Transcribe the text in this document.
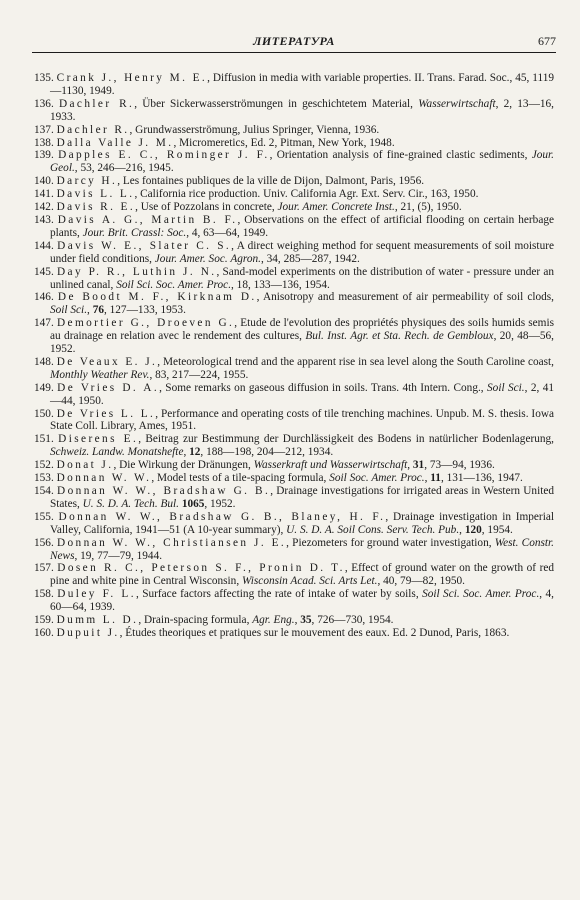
ЛИТЕРАТУРА	677

135. Crank J., Henry M. E., Diffusion in media with variable properties. II. Trans. Farad. Soc., 45, 1119—1130, 1949.

136. Dachler R., Über Sickerwasserströmungen in geschichtetem Material, Wasserwirtschaft, 2, 13—16, 1933.

137. Dachler R., Grundwasserströmung, Julius Springer, Vienna, 1936.

138. Dalla Valle J. M., Micromeretics, Ed. 2, Pitman, New York, 1948.

139. Dapples E. C., Rominger J. F., Orientation analysis of fine-grained clastic sediments, Jour. Geol., 53, 246—216, 1945.

140. Darcy H., Les fontaines publiques de la ville de Dijon, Dalmont, Paris, 1956.

141. Davis L. L., California rice production. Univ. California Agr. Ext. Serv. Cir., 163, 1950.

142. Davis R. E., Use of Pozzolans in concrete, Jour. Amer. Concrete Inst., 21, (5), 1950.

143. Davis A. G., Martin B. F., Observations on the effect of artificial flooding on certain herbage plants, Jour. Brit. Crassl: Soc., 4, 63—64, 1949.

144. Davis W. E., Slater C. S., A direct weighing method for sequent measurements of soil moisture under field conditions, Jour. Amer. Soc. Agron., 34, 285—287, 1942.

145. Day P. R., Luthin J. N., Sand-model experiments on the distribution of water - pressure under an unlined canal, Soil Sci. Soc. Amer. Proc., 18, 133—136, 1954.

146. De Boodt M. F., Kirknam D., Anisotropy and measurement of air permeability of soil clods, Soil Sci., 76, 127—133, 1953.

147. Demortier G., Droeven G., Etude de l'evolution des propriétés physiques des soils humids semis au drainage en relation avec le rendement des cultures, Bul. Inst. Agr. et Sta. Rech. de Gembloux, 20, 48—56, 1952.

148. De Veaux E. J., Meteorological trend and the apparent rise in sea level along the South Caroline coast, Monthly Weather Rev., 83, 217—224, 1955.

149. De Vries D. A., Some remarks on gaseous diffusion in soils. Trans. 4th Intern. Cong., Soil Sci., 2, 41—44, 1950.

150. De Vries L. L., Performance and operating costs of tile trenching machines. Unpub. M. S. thesis. Iowa State Coll. Library, Ames, 1951.

151. Diserens E., Beitrag zur Bestimmung der Durchlässigkeit des Bodens in natürlicher Bodenlagerung, Schweiz. Landw. Monatshefte, 12, 188—198, 204—212, 1934.

152. Donat J., Die Wirkung der Dränungen, Wasserkraft und Wasserwirtschaft, 31, 73—94, 1936.

153. Donnan W. W., Model tests of a tile-spacing formula, Soil Soc. Amer. Proc., 11, 131—136, 1947.

154. Donnan W. W., Bradshaw G. B., Drainage investigations for irrigated areas in Western United States, U. S. D. A. Tech. Bul. 1065, 1952.

155. Donnan W. W., Bradshaw G. B., Blaney, H. F., Drainage investigation in Imperial Valley, California, 1941—51 (A 10-year summary), U. S. D. A. Soil Cons. Serv. Tech. Pub., 120, 1954.

156. Donnan W. W., Christiansen J. E., Piezometers for ground water investigation, West. Constr. News, 19, 77—79, 1944.

157. Dosen R. C., Peterson S. F., Pronin D. T., Effect of ground water on the growth of red pine and white pine in Central Wisconsin, Wisconsin Acad. Sci. Arts Let., 40, 79—82, 1950.

158. Duley F. L., Surface factors affecting the rate of intake of water by soils, Soil Sci. Soc. Amer. Proc., 4, 60—64, 1939.

159. Dumm L. D., Drain-spacing formula, Agr. Eng., 35, 726—730, 1954.

160. Dupuit J., Études theoriques et pratiques sur le mouvement des eaux. Ed. 2 Dunod, Paris, 1863.
